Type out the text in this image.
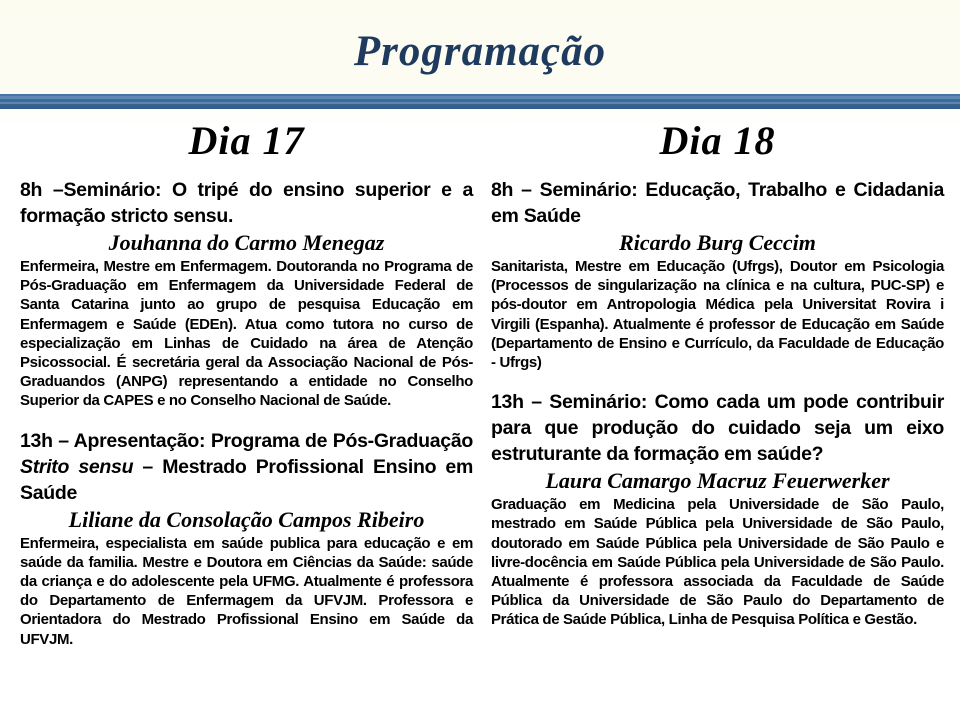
Programação
Dia 17

8h –Seminário: O tripé do ensino superior e a formação stricto sensu.

Jouhanna do Carmo Menegaz

Enfermeira, Mestre em Enfermagem. Doutoranda no Programa de Pós-Graduação em Enfermagem da Universidade Federal de Santa Catarina junto ao grupo de pesquisa Educação em Enfermagem e Saúde (EDEn). Atua como tutora no curso de especialização em Linhas de Cuidado na área de Atenção Psicossocial. É secretária geral da Associação Nacional de Pós-Graduandos (ANPG) representando a entidade no Conselho Superior da CAPES e no Conselho Nacional de Saúde.

13h – Apresentação: Programa de Pós-Graduação Strito sensu – Mestrado Profissional Ensino em Saúde

Liliane da Consolação Campos Ribeiro

Enfermeira, especialista em saúde publica para educação e em saúde da familia. Mestre e Doutora em Ciências da Saúde: saúde da criança e do adolescente pela UFMG. Atualmente é professora do Departamento de Enfermagem da UFVJM. Professora e Orientadora do Mestrado Profissional Ensino em Saúde da UFVJM.

Dia 18

8h – Seminário: Educação, Trabalho e Cidadania em Saúde

Ricardo Burg Ceccim

Sanitarista, Mestre em Educação (Ufrgs), Doutor em Psicologia (Processos de singularização na clínica e na cultura, PUC-SP) e pós-doutor em Antropologia Médica pela Universitat Rovira i Virgili (Espanha). Atualmente é professor de Educação em Saúde (Departamento de Ensino e Currículo, da Faculdade de Educação - Ufrgs)

13h – Seminário: Como cada um pode contribuir para que produção do cuidado seja um eixo estruturante da formação em saúde?

Laura Camargo Macruz Feuerwerker

Graduação em Medicina pela Universidade de São Paulo, mestrado em Saúde Pública pela Universidade de São Paulo, doutorado em Saúde Pública pela Universidade de São Paulo e livre-docência em Saúde Pública pela Universidade de São Paulo. Atualmente é professora associada da Faculdade de Saúde Pública da Universidade de São Paulo do Departamento de Prática de Saúde Pública, Linha de Pesquisa Política e Gestão.
